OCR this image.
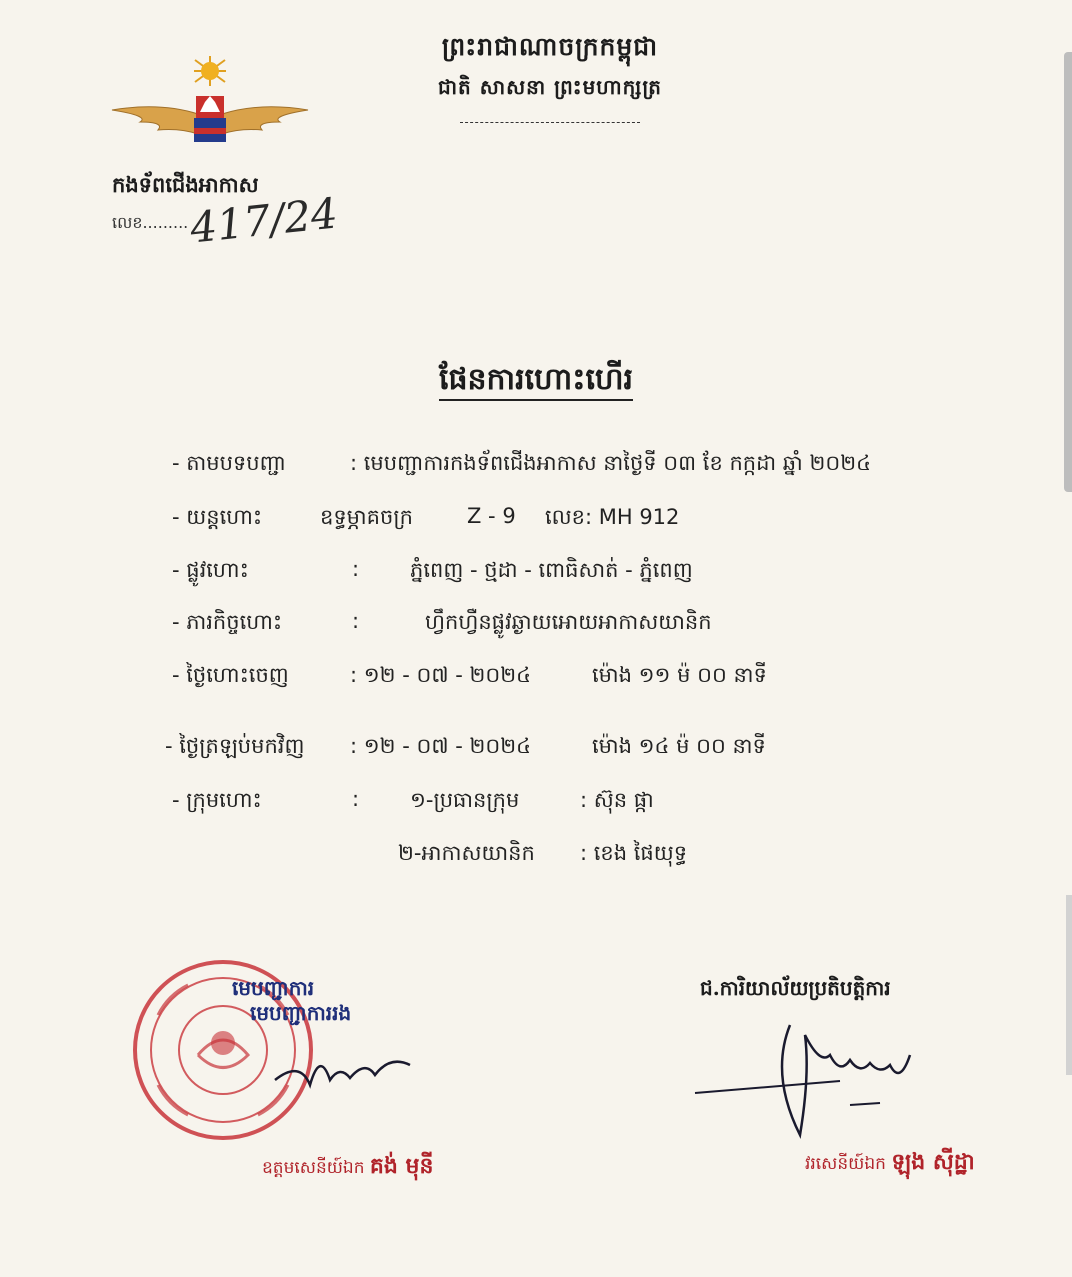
ព្រះរាជាណាចក្រកម្ពុជា
ជាតិ សាសនា ព្រះមហាក្សត្រ
កងទ័ពជើងអាកាស
លេខ......... 417/24
ផែនការហោះហើរ
- តាមបទបញ្ជា	: មេបញ្ជាការកងទ័ពជើងអាកាស នាថ្ងៃទី ០៣ ខែ កក្កដា ឆ្នាំ ២០២៤
- យន្តហោះ	ឧទ្ធម្ភាគចក្រ	Z - 9 លេខ: MH 912
- ផ្លូវហោះ	: ភ្នំពេញ - ថ្មដា - ពោធិសាត់ - ភ្នំពេញ
- ភារកិច្ចហោះ	:	ហ្វឹកហ្វឺនផ្លូវឆ្ងាយអោយអាកាសយានិក
- ថ្ងៃហោះចេញ	: ១២ - ០៧ - ២០២៤	ម៉ោង ១១ ម៉ ០០ នាទី
- ថ្ងៃត្រឡប់មកវិញ : ១២ - ០៧ - ២០២៤	ម៉ោង ១៤ ម៉ ០០ នាទី
- ក្រុមហោះ	: ១-ប្រធានក្រុម	: ស៊ុន ផ្កា
២-អាកាសយានិក : ខេង ផៃយុទ្ធ
មេបញ្ជាការ
មេបញ្ជាការរង
ឧត្តមសេនីយ៍ឯក គង់ មុនី
ជ.ការិយាល័យប្រតិបត្តិការ
វរសេនីយ៍ឯក ឡុង ស៊ីដ្ឋា
